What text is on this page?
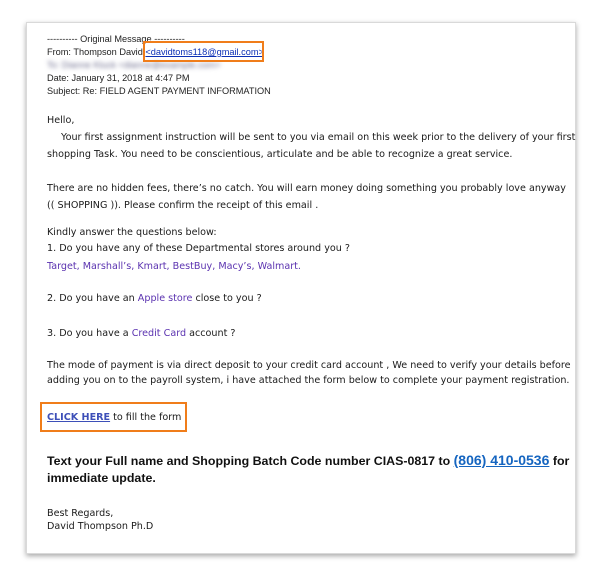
---------- Original Message ----------
From: Thompson David <davidtoms118@gmail.com>
To: Dianne Kluck <dianne@example.com>
Date: January 31, 2018 at 4:47 PM
Subject: Re: FIELD AGENT PAYMENT INFORMATION
Hello,
Your first assignment instruction will be sent to you via email on this week prior to the delivery of your first
shopping Task. You need to be conscientious, articulate and be able to recognize a great service.
There are no hidden fees, there’s no catch. You will earn money doing something you probably love anyway
(( SHOPPING )). Please confirm the receipt of this email .
Kindly answer the questions below:
1. Do you have any of these Departmental stores around you ?
Target, Marshall’s, Kmart, BestBuy, Macy’s, Walmart.
2. Do you have an Apple store close to you ?
3. Do you have a Credit Card account ?
The mode of payment is via direct deposit to your credit card account , We need to verify your details before
adding you on to the payroll system, i have attached the form below to complete your payment registration.
CLICK HERE to fill the form
Text your Full name and Shopping Batch Code number CIAS-0817 to (806) 410-0536 for
immediate update.
Best Regards,
David Thompson Ph.D
